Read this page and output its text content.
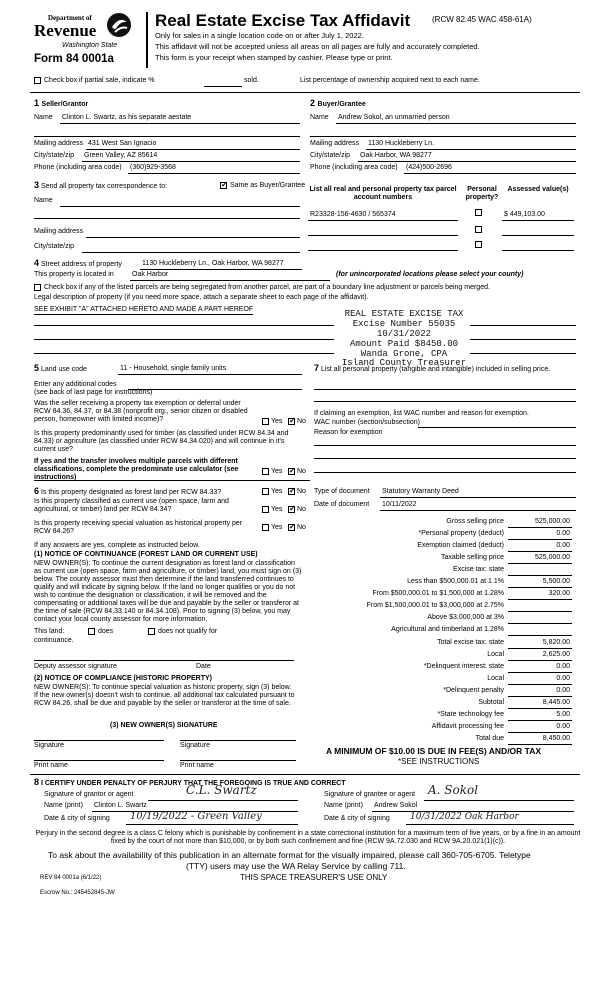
Department of
Revenue
Washington State
Form 84 0001a
Real Estate Excise Tax Affidavit	(RCW 82.45 WAC 458-61A)
Only for sales in a single location code on or after July 1, 2022.
This affidavit will not be accepted unless all areas on all pages are fully and accurately completed.
This form is your receipt when stamped by cashier. Please type or print.
Check box if partial sale, indicate %	sold.	List percentage of ownership acquired next to each name.
1 Seller/Grantor
Name Clinton L. Swartz, as his separate aestate
Mailing address 431 West San Ignacio
City/state/zip Green Valley, AZ 85614
Phone (including area code) (360)929-3568
2 Buyer/Grantee
Name Andrew Sokol, an unmarried person
Mailing address 1130 Huckleberry Ln.
City/state/zip Oak Harbor, WA 98277
Phone (including area code) (424)500-2696
3 Send all property tax correspondence to: ✓	Same as Buyer/Grantee
Name
Mailing address
City/state/zip
List all real and personal property tax parcel account numbers
Personal property?
Assessed value(s)
R23328-156-4630 / 565374	$ 449,103.00
4 Street address of property	1130 Huckleberry Ln., Oak Harbor, WA 98277
This property is located in	Oak Harbor	(for unincorporated locations please select your county)
Check box if any of the listed parcels are being segregated from another parcel, are part of a boundary line adjustment or parcels being merged.
Legal description of property (if you need more space, attach a separate sheet to each page of the affidavit).
SEE EXHIBIT "A" ATTACHED HERETO AND MADE A PART HEREOF	REAL ESTATE EXCISE TAX
Excise Number 55035
10/31/2022
Amount Paid $8450.00
Wanda Grone, CPA
Island County Treasurer
5 Land use code	11 - Household, single family units
Enter any additional codes
(see back of last page for instructions)
Was the seller receiving a property tax exemption or deferral under RCW 84.36, 84.37, or 84.38 (nonprofit org., senior citizen or disabled person, homeowner with limited income)?	Yes ✓ No
Is this property predominantly used for timber (as classified under RCW 84.34 and 84.33) or agriculture (as classified under RCW 84.34.020) and will continue in it's current use?
If yes and the transfer involves multiple parcels with different classifications, complete the predominate use calculator (see instructions)
Yes ✓ No
7 List all personal property (tangible and intangible) included in selling price.
If claiming an exemption, list WAC number and reason for exemption.
WAC number (section/subsection)
Reason for exemption
Type of document Statutory Warranty Deed
Date of document 10/11/2022
6 Is this property designated as forest land per RCW 84.33?	Yes ✓ No
Is this property classified as current use (open space, farm and agricultural, or timber) land per RCW 84.34?	Yes ✓ No
Is this property receiving special valuation as historical property per RCW 84.26?
Yes ✓ No
If any answers are yes, complete as instructed below.
(1) NOTICE OF CONTINUANCE (FOREST LAND OR CURRENT USE)
NEW OWNER(S): To continue the current designation as forest land or classification as current use (open space, farm and agriculture, or timber) land, you must sign on (3) below. The county assessor must then determine if the land transferred continues to qualify and will indicate by signing below. If the land no longer qualifies or you do not wish to continue the designation or classification, it will be removed and the compensating or additional taxes will be due and payable by the seller or transferor at the time of sale (RCW 84.33.140 or 84.34.108). Prior to signing (3) below, you may contact your local county assessor for more information.
This land:	does	does not qualify for
continuance.
Deputy assessor signature	Date
(2) NOTICE OF COMPLIANCE (HISTORIC PROPERTY)
NEW OWNER(S): To continue special valuation as historic property, sign (3) below. If the new owner(s) doesn't wish to continue, all additional tax calculated pursuant to RCW 84.26, shall be due and payable by the seller or transferor at the time of sale.
(3) NEW OWNER(S) SIGNATURE
Signature	Signature
Print name	Print name
Gross selling price	525,000.00
*Personal property (deduct)	0.00
Exemption claimed (deduct)	0.00
Taxable selling price	525,000.00
Excise tax: state
Less than $500,000.01 at 1.1%	5,500.00
From $500,000.01 to $1,500,000 at 1.28%	320.00
From $1,500,000.01 to $3,000,000 at 2.75%
Above $3,000,000 at 3%
Agricultural and timberland at 1.28%
Total excise tax: state	5,820.00
Local	2,625.00
*Delinquent interest: state	0.00
Local	0.00
*Delinquent penalty	0.00
Subtotal	8,445.00
*State technology fee	5.00
Affidavit processing fee	0.00
Total due	8,450.00
A MINIMUM OF $10.00 IS DUE IN FEE(S) AND/OR TAX
*SEE INSTRUCTIONS
8 I CERTIFY UNDER PENALTY OF PERJURY THAT THE FOREGOING IS TRUE AND CORRECT
Signature of grantor or agent	C.L. Swartz
Name (print) Clinton L. Swartz
Date & city of signing 10/19/2022 - Green Valley
Signature of grantee or agent A. Sokol
Name (print) Andrew Sokol
Date & city of signing 10/31/2022 Oak Harbor
Perjury in the second degree is a class C felony which is punishable by confinement in a state correctional institution for a maximum term of five years, or by a fine in an amount fixed by the court of not more than $10,000, or by both such confinement and fine (RCW 9A.72.030 and RCW 9A.20.021(1)(c)).
To ask about the availability of this publication in an alternate format for the visually impaired, please call 360-705-6705. Teletype
(TTY) users may use the WA Relay Service by calling 711.
REV 84 0001a (6/1/22)	THIS SPACE TREASURER'S USE ONLY
Escrow No.: 245452845-JW
